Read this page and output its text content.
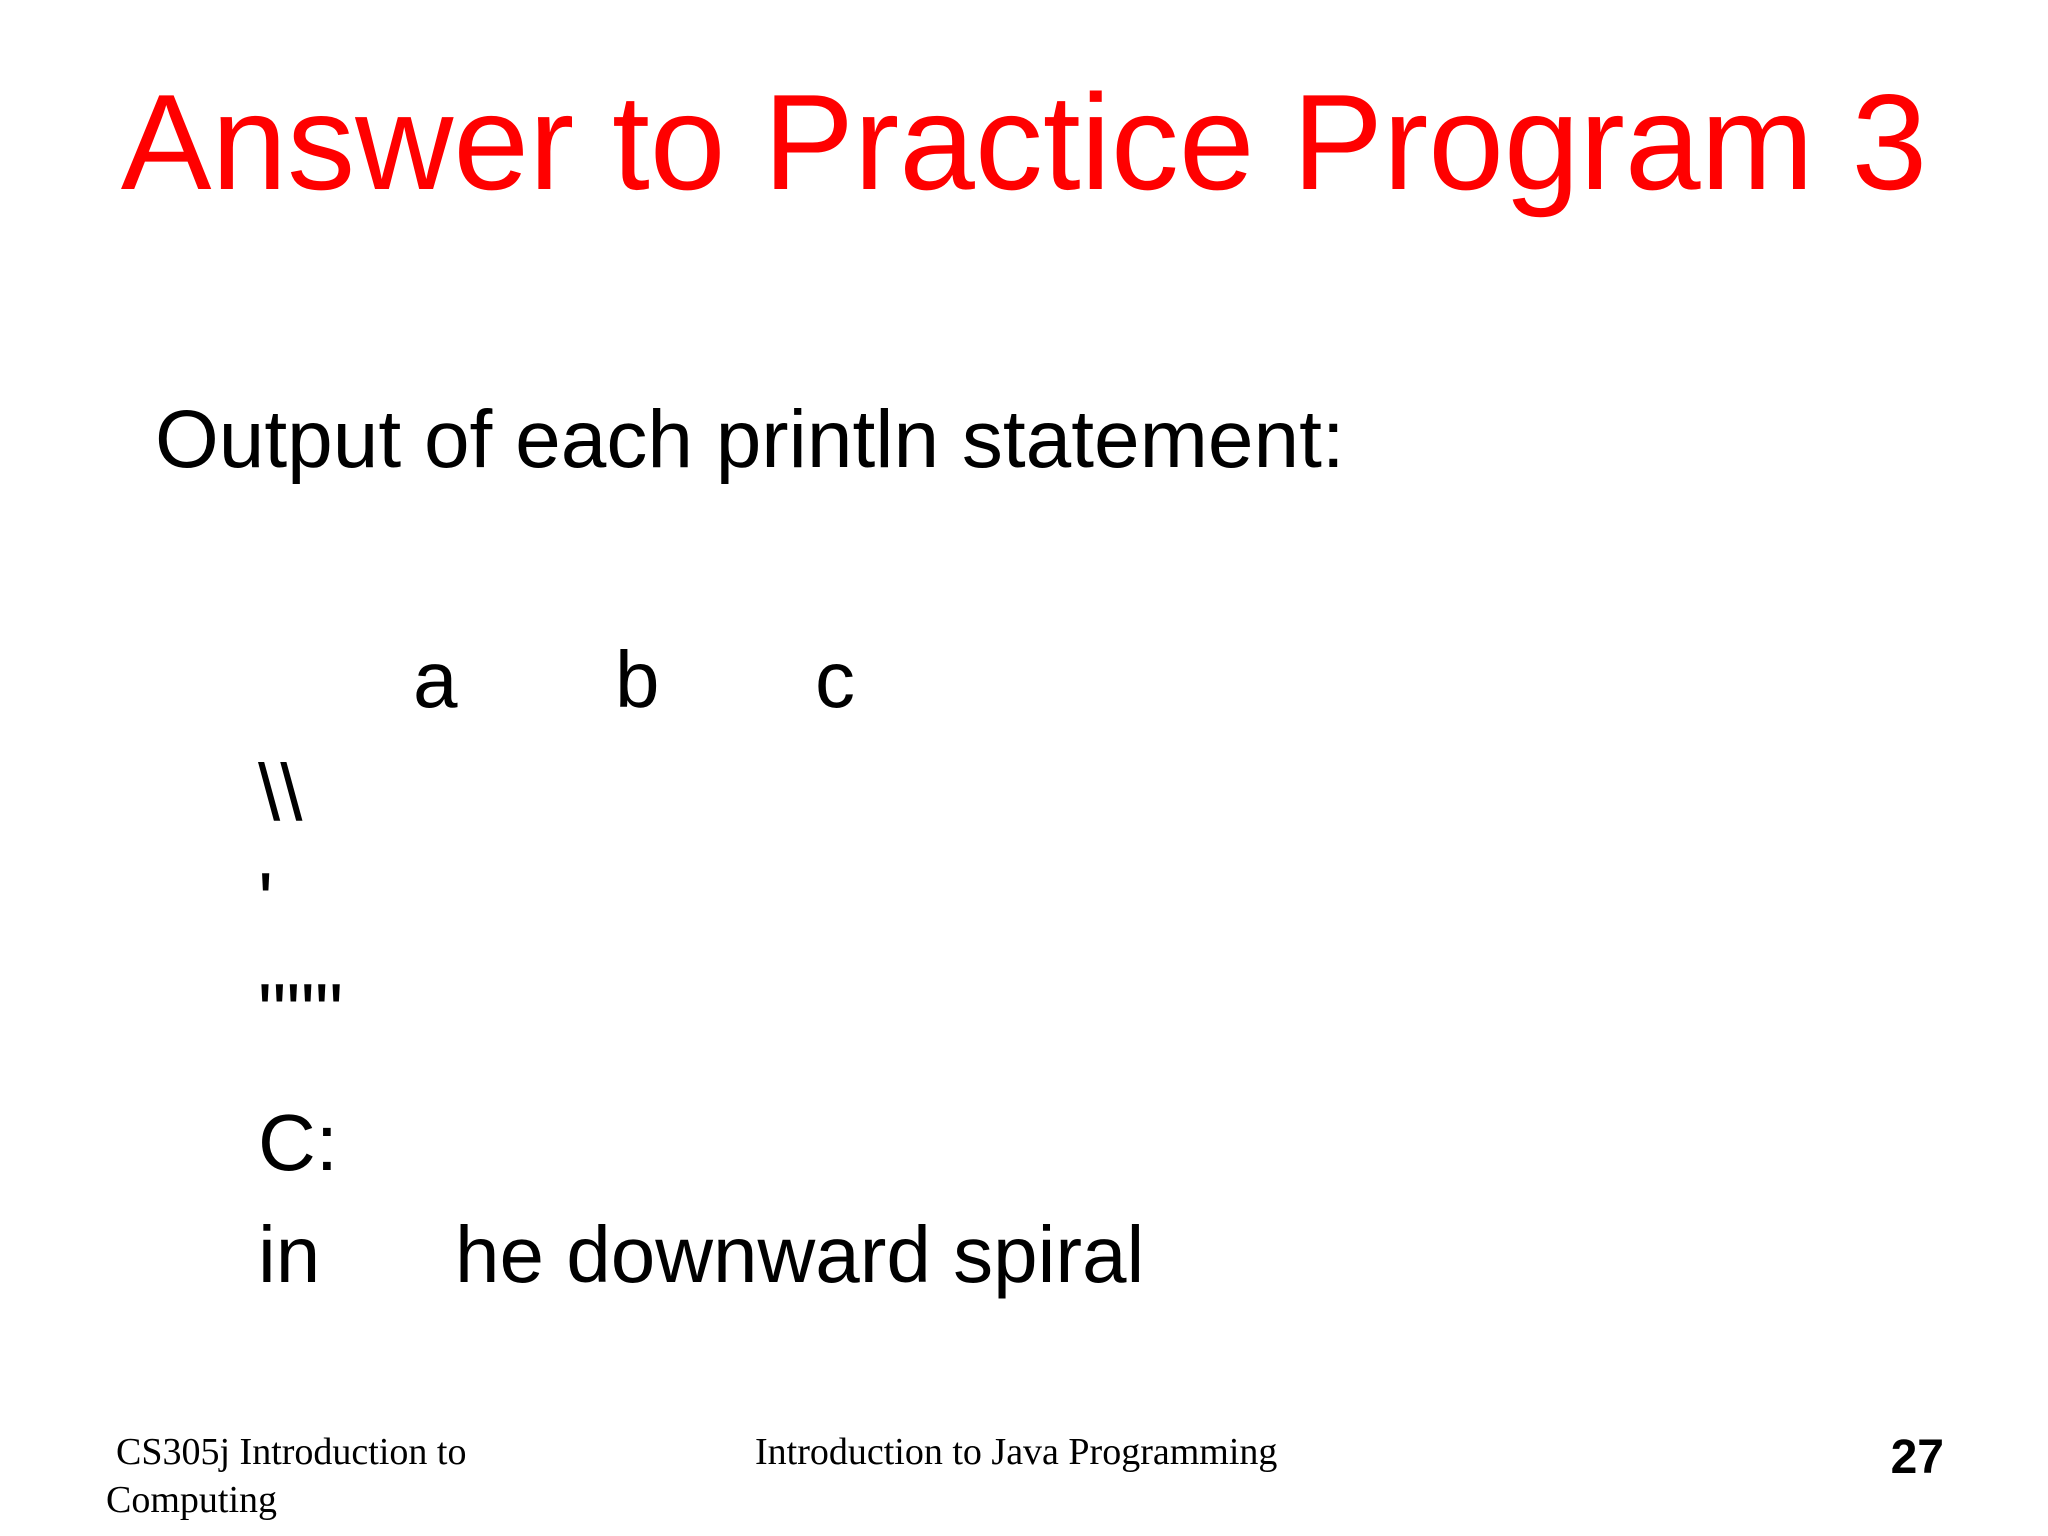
Answer to Practice Program 3
Output of each println statement:
a b c
\\
'
"""
C:
in he downward spiral
CS305j Introduction to Computing
Introduction to Java Programming	27
